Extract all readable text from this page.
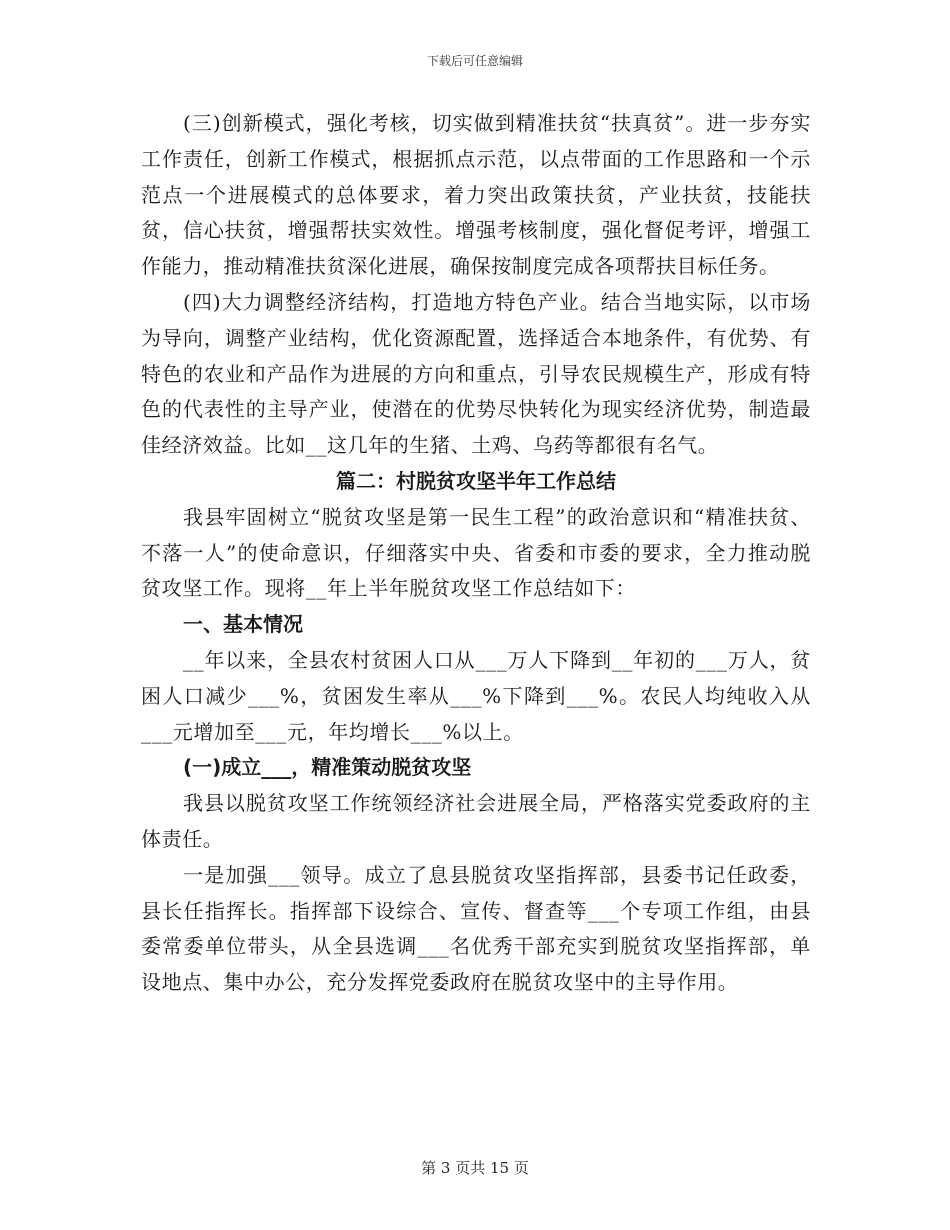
下载后可任意编辑

(三)创新模式，强化考核，切实做到精准扶贫“扶真贫”。进一步夯实工作责任，创新工作模式，根据抓点示范，以点带面的工作思路和一个示范点一个进展模式的总体要求，着力突出政策扶贫，产业扶贫，技能扶贫，信心扶贫，增强帮扶实效性。增强考核制度，强化督促考评，增强工作能力，推动精准扶贫深化进展，确保按制度完成各项帮扶目标任务。

(四)大力调整经济结构，打造地方特色产业。结合当地实际，以市场为导向，调整产业结构，优化资源配置，选择适合本地条件，有优势、有特色的农业和产品作为进展的方向和重点，引导农民规模生产，形成有特色的代表性的主导产业，使潜在的优势尽快转化为现实经济优势，制造最佳经济效益。比如__这几年的生猪、土鸡、乌药等都很有名气。

篇二：村脱贫攻坚半年工作总结

我县牢固树立“脱贫攻坚是第一民生工程”的政治意识和“精准扶贫、不落一人”的使命意识，仔细落实中央、省委和市委的要求，全力推动脱贫攻坚工作。现将__年上半年脱贫攻坚工作总结如下：

一、基本情况

__年以来，全县农村贫困人口从___万人下降到__年初的___万人，贫困人口减少___%，贫困发生率从___%下降到___%。农民人均纯收入从___元增加至___元，年均增长___%以上。

(一)成立___，精准策动脱贫攻坚

我县以脱贫攻坚工作统领经济社会进展全局，严格落实党委政府的主体责任。

一是加强___领导。成立了息县脱贫攻坚指挥部，县委书记任政委，县长任指挥长。指挥部下设综合、宣传、督查等___个专项工作组，由县委常委单位带头，从全县选调___名优秀干部充实到脱贫攻坚指挥部，单设地点、集中办公，充分发挥党委政府在脱贫攻坚中的主导作用。

第 3 页共 15 页
